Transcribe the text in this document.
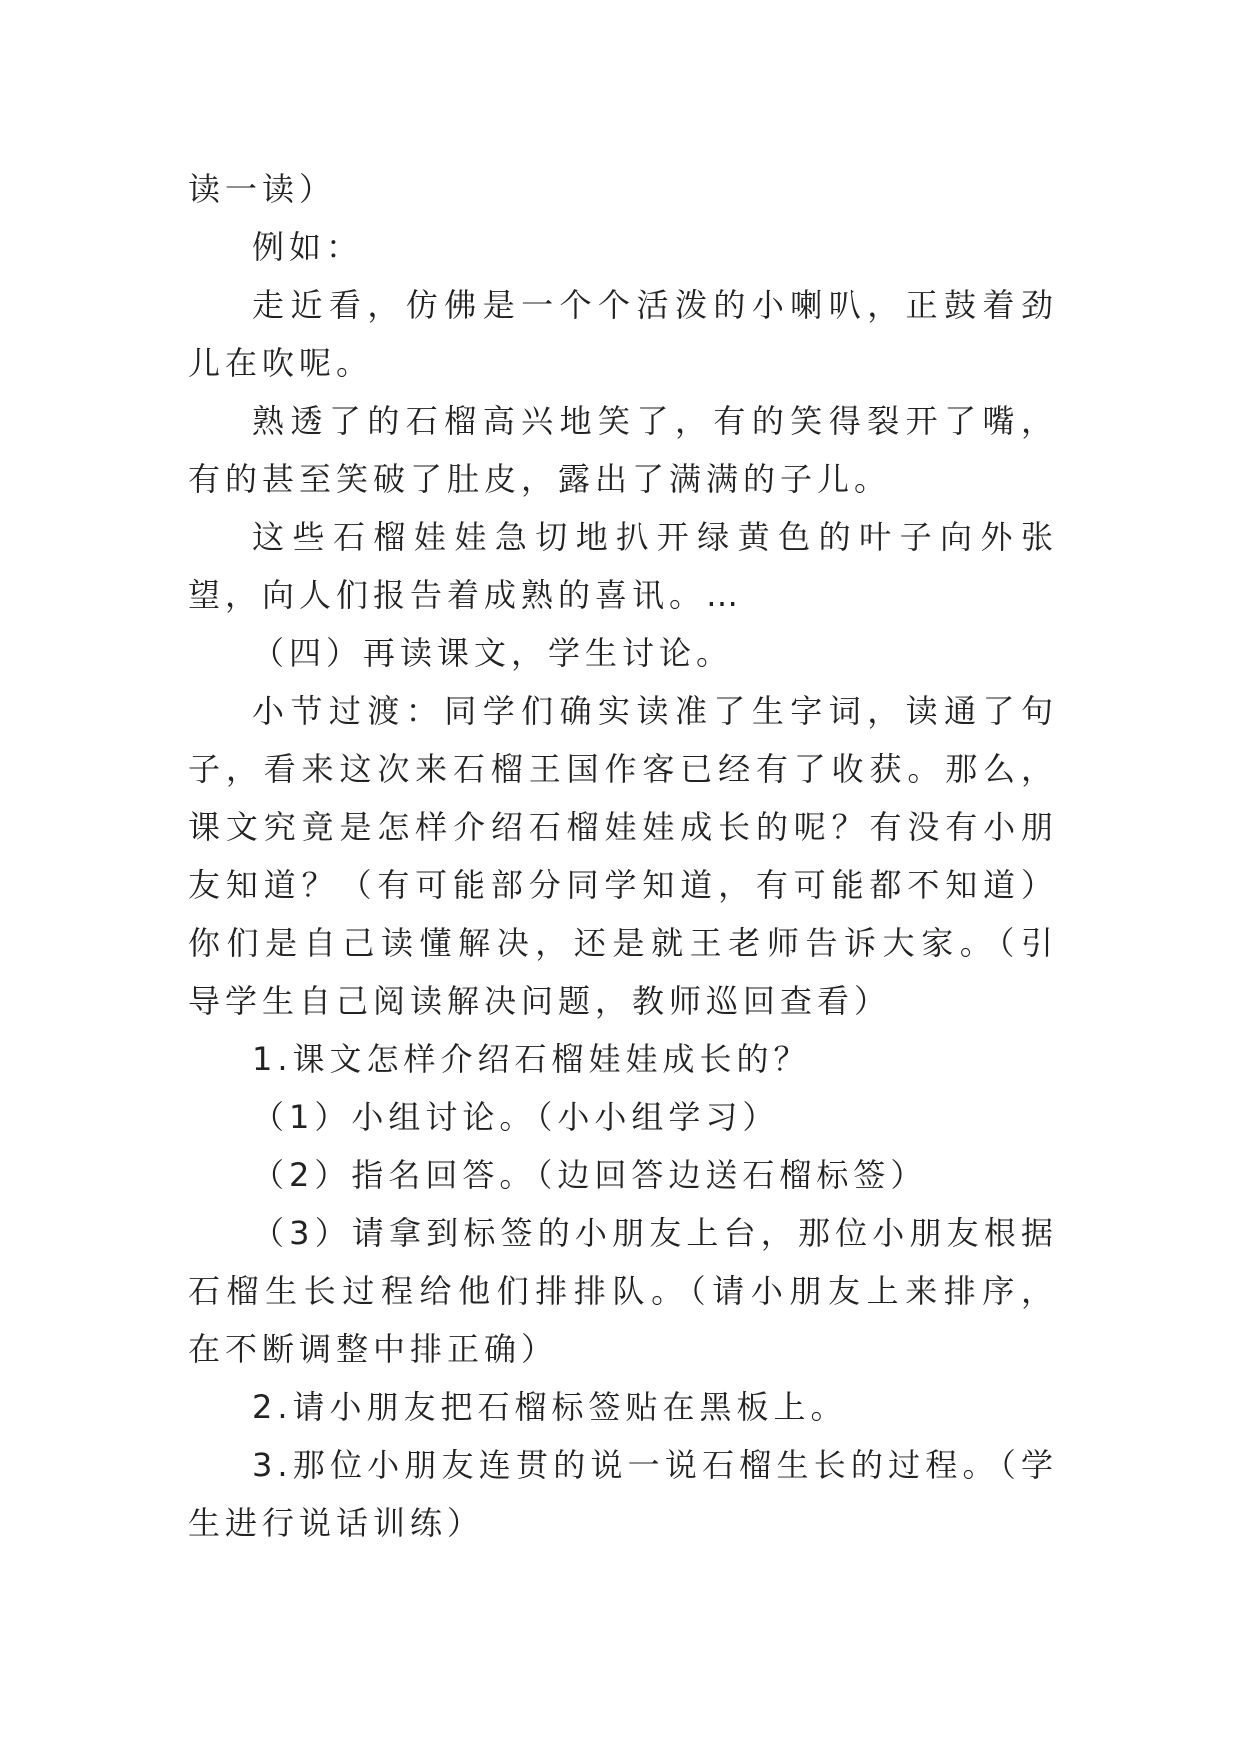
读一读）

例如：

走近看，仿佛是一个个活泼的小喇叭，正鼓着劲儿在吹呢。

熟透了的石榴高兴地笑了，有的笑得裂开了嘴，有的甚至笑破了肚皮，露出了满满的子儿。

这些石榴娃娃急切地扒开绿黄色的叶子向外张望，向人们报告着成熟的喜讯。…

（四）再读课文，学生讨论。

小节过渡：同学们确实读准了生字词，读通了句子，看来这次来石榴王国作客已经有了收获。那么，课文究竟是怎样介绍石榴娃娃成长的呢？有没有小朋友知道？（有可能部分同学知道，有可能都不知道）你们是自己读懂解决，还是就王老师告诉大家。（引导学生自己阅读解决问题，教师巡回查看）

1.课文怎样介绍石榴娃娃成长的？

（1）小组讨论。（小小组学习）

（2）指名回答。（边回答边送石榴标签）

（3）请拿到标签的小朋友上台，那位小朋友根据石榴生长过程给他们排排队。（请小朋友上来排序，在不断调整中排正确）

2.请小朋友把石榴标签贴在黑板上。

3.那位小朋友连贯的说一说石榴生长的过程。（学生进行说话训练）
